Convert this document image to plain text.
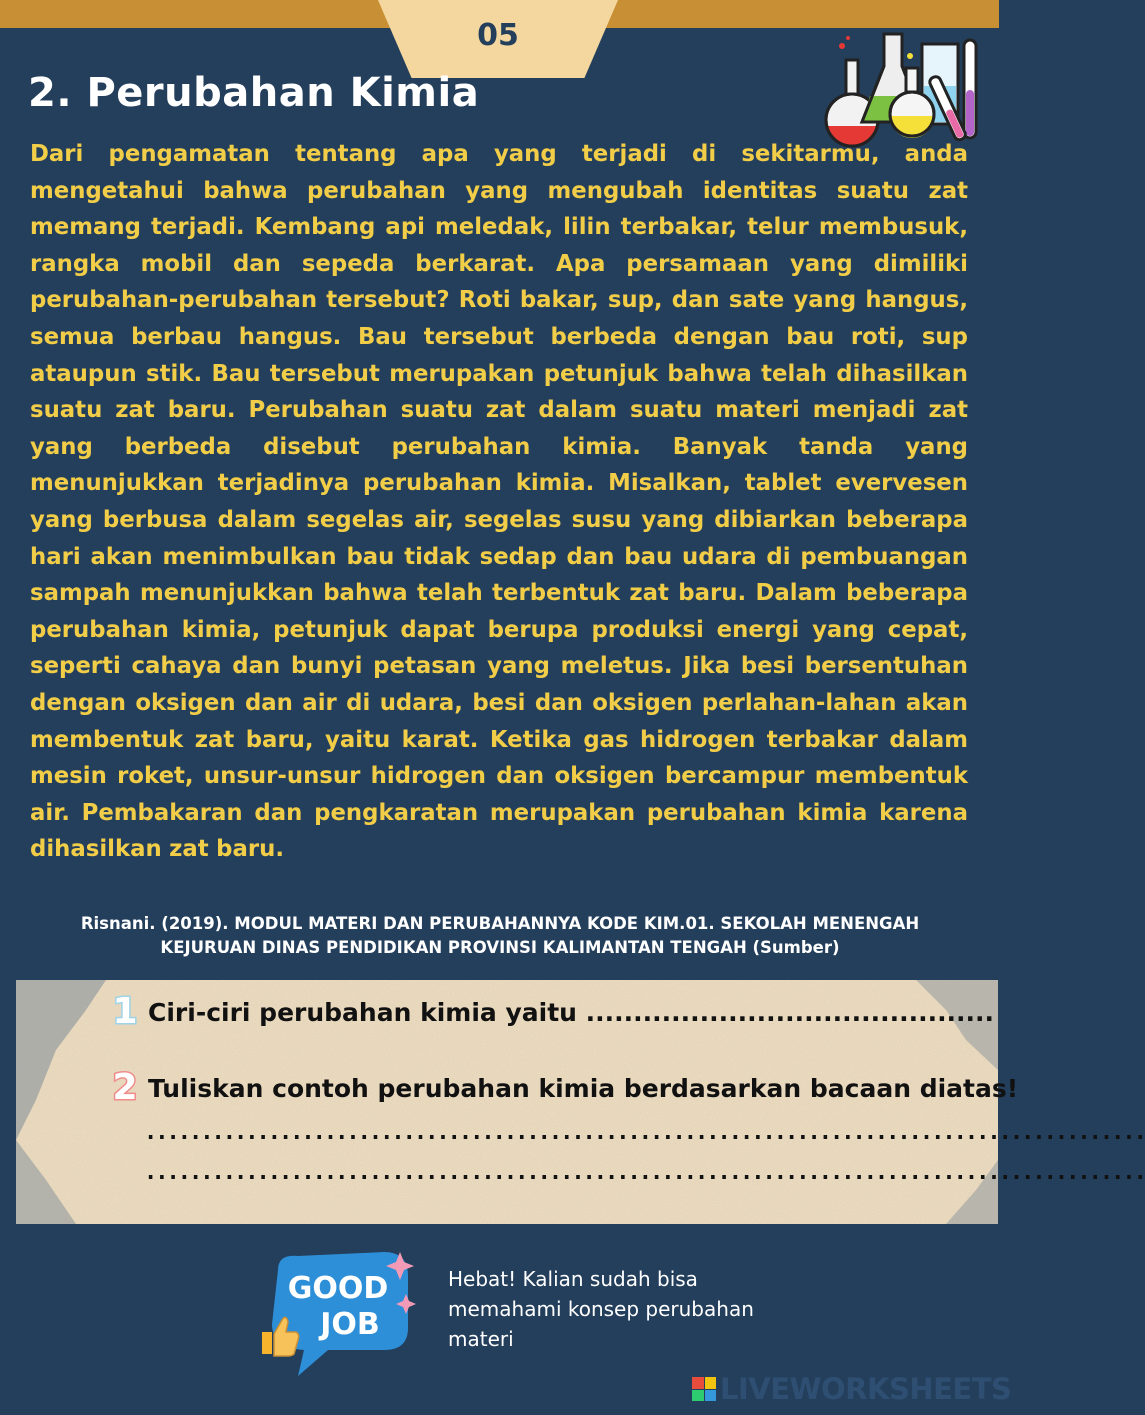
05
2. Perubahan Kimia

Dari pengamatan tentang apa yang terjadi di sekitarmu, anda mengetahui bahwa perubahan yang mengubah identitas suatu zat memang terjadi. Kembang api meledak, lilin terbakar, telur membusuk, rangka mobil dan sepeda berkarat. Apa persamaan yang dimiliki perubahan-perubahan tersebut? Roti bakar, sup, dan sate yang hangus, semua berbau hangus. Bau tersebut berbeda dengan bau roti, sup ataupun stik. Bau tersebut merupakan petunjuk bahwa telah dihasilkan suatu zat baru. Perubahan suatu zat dalam suatu materi menjadi zat yang berbeda disebut perubahan kimia. Banyak tanda yang menunjukkan terjadinya perubahan kimia. Misalkan, tablet evervesen yang berbusa dalam segelas air, segelas susu yang dibiarkan beberapa hari akan menimbulkan bau tidak sedap dan bau udara di pembuangan sampah menunjukkan bahwa telah terbentuk zat baru. Dalam beberapa perubahan kimia, petunjuk dapat berupa produksi energi yang cepat, seperti cahaya dan bunyi petasan yang meletus. Jika besi bersentuhan dengan oksigen dan air di udara, besi dan oksigen perlahan-lahan akan membentuk zat baru, yaitu karat. Ketika gas hidrogen terbakar dalam mesin roket, unsur-unsur hidrogen dan oksigen bercampur membentuk air. Pembakaran dan pengkaratan merupakan perubahan kimia karena dihasilkan zat baru.

Risnani. (2019). MODUL MATERI DAN PERUBAHANNYA KODE KIM.01. SEKOLAH MENENGAH
KEJURUAN DINAS PENDIDIKAN PROVINSI KALIMANTAN TENGAH (Sumber)
1 Ciri-ciri perubahan kimia yaitu ...........................................
2 Tuliskan contoh perubahan kimia berdasarkan bacaan diatas!
.........................................................................................
.........................................................................................
GOOD
JOB
Hebat! Kalian sudah bisa memahami konsep perubahan materi
LIVEWORKSHEETS
